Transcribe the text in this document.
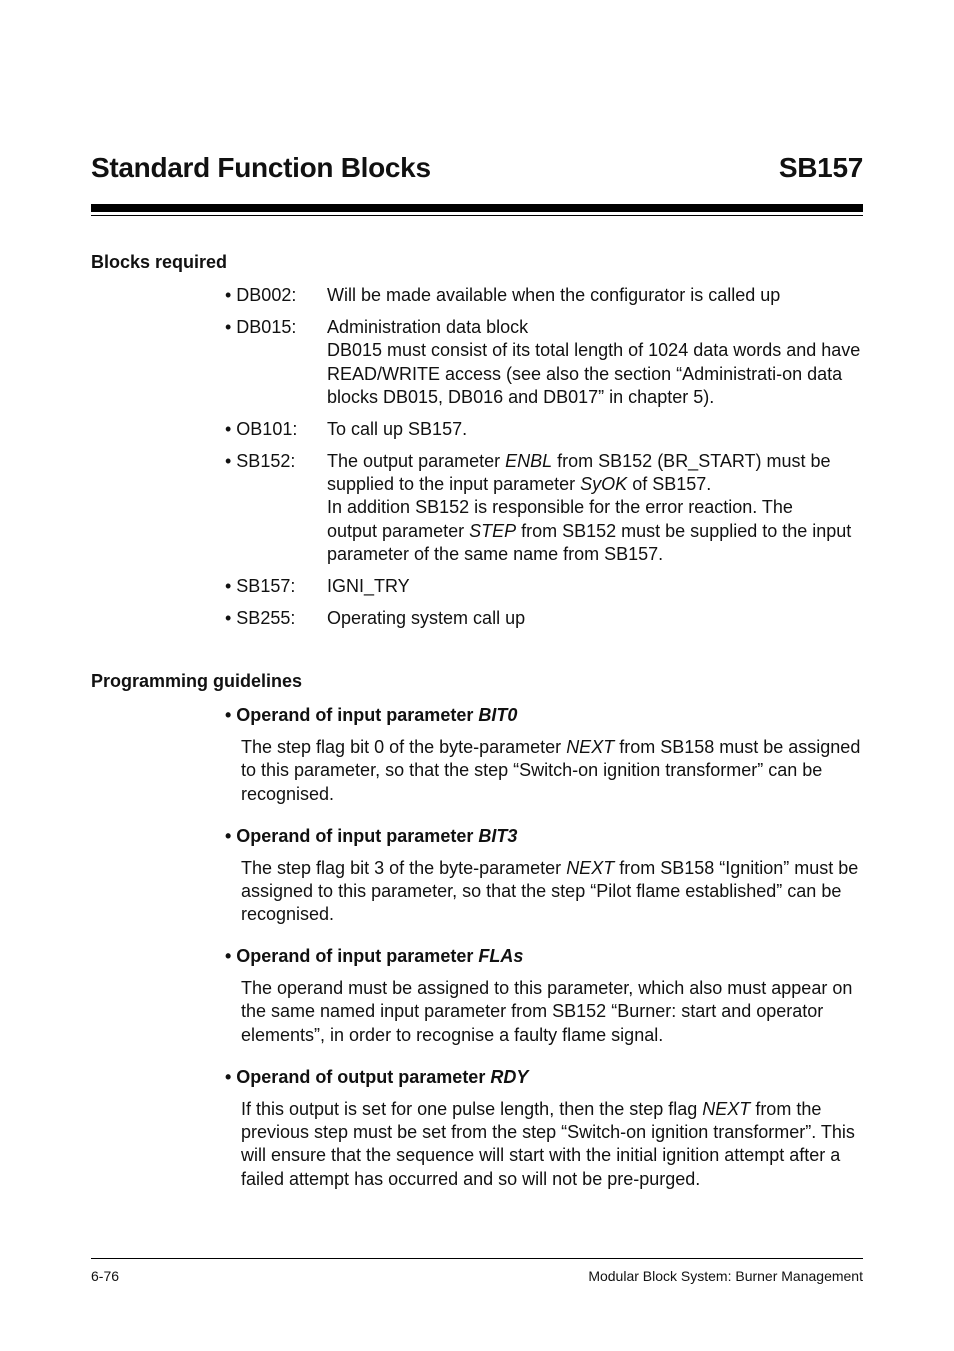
Standard Function Blocks	SB157
Blocks required
• DB002:	Will be made available when the configurator is called up

• DB015:	Administration data block

DB015 must consist of its total length of 1024 data words and have READ/WRITE access (see also the section “Administrati-on data blocks DB015, DB016 and DB017” in chapter 5).

• OB101:	To call up SB157.

• SB152:	The output parameter ENBL from SB152 (BR_START) must be supplied to the input parameter SyOK of SB157.

In addition SB152 is responsible for the error reaction. The

output parameter STEP from SB152 must be supplied to the input parameter of the same name from SB157.

• SB157:	IGNI_TRY

• SB255:	Operating system call up

Programming guidelines

• Operand of input parameter BIT0

The step flag bit 0 of the byte-parameter NEXT from SB158 must be assigned to this parameter, so that the step “Switch-on ignition transformer” can be recognised.

• Operand of input parameter BIT3

The step flag bit 3 of the byte-parameter NEXT from SB158 “Ignition” must be assigned to this parameter, so that the step “Pilot flame established” can be recognised.

• Operand of input parameter FLAs

The operand must be assigned to this parameter, which also must appear on the same named input parameter from SB152 “Burner: start and operator elements”, in order to recognise a faulty flame signal.

• Operand of output parameter RDY

If this output is set for one pulse length, then the step flag NEXT from the previous step must be set from the step “Switch-on ignition transformer”. This will ensure that the sequence will start with the initial ignition attempt after a failed attempt has occurred and so will not be pre-purged.

6-76	Modular Block System: Burner Management
